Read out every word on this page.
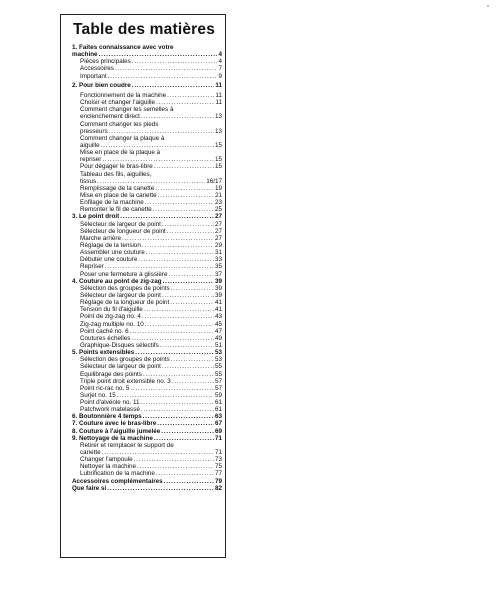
Table des matières
1. Faites connaissance avec votre
machine .....	4
Pièces principales .....	4
Accessoires .....	7
Important .....	9
2. Pour bien coudre .....	11
Fonctionnement de la machine .....	11
Choisir et changer l'aiguille .....	11
Comment changer les semelles à
enclenchement direct .....	13
Comment changer les pieds
presseurs .....	13
Comment changer la plaque à
aiguille .....	15
Mise en place de la plaque à
repriser .....	15
Pour dégager le bras-libre .....	15
Tableau des fils, aiguilles,
tissus .....	16/17
Remplissage de la canette .....	19
Mise en place de la canette .....	21
Enfilage de la machine .....	23
Remonter le fil de canette .....	25
3. Le point droit .....	27
Sélecteur de largeur de point .....	27
Sélecteur de longueur de point .....	27
Marche arrière .....	27
Réglage de la tension .....	29
Assembler une couture .....	31
Débuter une couture .....	33
Repriser .....	35
Poser une fermeture à glissière .....	37
4. Couture au point de zig-zag .....	39
Sélection des groupes de points .....	39
Sélecteur de largeur de point .....	39
Réglage de la longueur de point .....	41
Tension du fil d'aiguille .....	41
Point de zig-zag no. 4 .....	43
Zig-zag multiple no. 10 .....	45
Point caché no. 6 .....	47
Coutures échelles .....	49
Graphique-Disques sélectifs .....	51
5. Points extensibles .....	53
Sélection des groupes de points .....	53
Sélecteur de largeur de point .....	55
Equilibrage des points .....	55
Triple point droit extensible no. 3 .....	57
Point ric-rac no. 5 .....	57
Surjet no. 15 .....	59
Point d'alvéole no. 11 .....	61
Patchwork matelassé .....	61
6. Boutonnière 4 temps .....	63
7. Couture avec le bras-libre .....	67
8. Couture à l'aiguille jumelée .....	69
9. Nettoyage de la machine .....	71
Retirer et remplacer le support de
canette .....	71
Changer l'ampoule .....	73
Nettoyer la machine .....	75
Lubrification de la machine .....	77
Accessoires complémentaires .....	79
Que faire si .....	82
